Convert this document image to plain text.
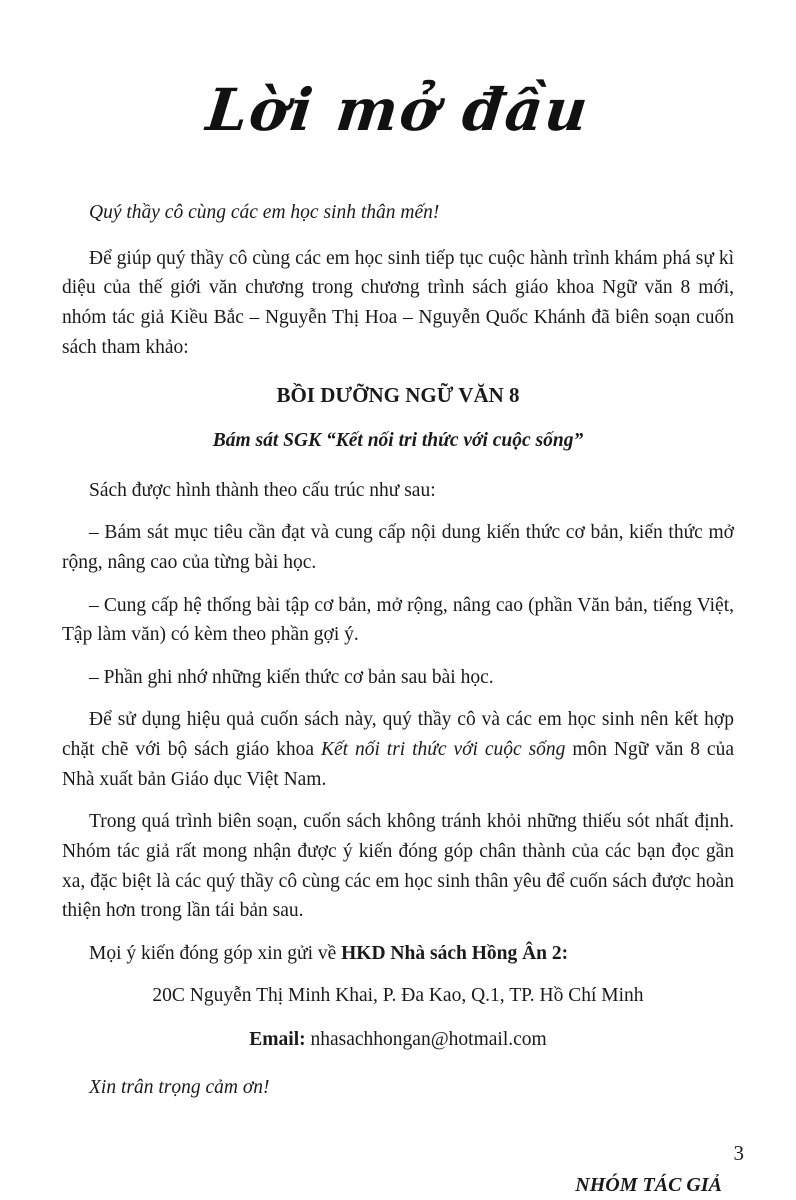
Lời mở đầu

Quý thầy cô cùng các em học sinh thân mến!

Để giúp quý thầy cô cùng các em học sinh tiếp tục cuộc hành trình khám phá sự kì diệu của thế giới văn chương trong chương trình sách giáo khoa Ngữ văn 8 mới, nhóm tác giả Kiều Bắc – Nguyễn Thị Hoa – Nguyễn Quốc Khánh đã biên soạn cuốn sách tham khảo:

BỒI DƯỠNG NGỮ VĂN 8

Bám sát SGK “Kết nối tri thức với cuộc sống”

Sách được hình thành theo cấu trúc như sau:

– Bám sát mục tiêu cần đạt và cung cấp nội dung kiến thức cơ bản, kiến thức mở rộng, nâng cao của từng bài học.

– Cung cấp hệ thống bài tập cơ bản, mở rộng, nâng cao (phần Văn bản, tiếng Việt, Tập làm văn) có kèm theo phần gợi ý.

– Phần ghi nhớ những kiến thức cơ bản sau bài học.

Để sử dụng hiệu quả cuốn sách này, quý thầy cô và các em học sinh nên kết hợp chặt chẽ với bộ sách giáo khoa Kết nối tri thức với cuộc sống môn Ngữ văn 8 của Nhà xuất bản Giáo dục Việt Nam.

Trong quá trình biên soạn, cuốn sách không tránh khỏi những thiếu sót nhất định. Nhóm tác giả rất mong nhận được ý kiến đóng góp chân thành của các bạn đọc gần xa, đặc biệt là các quý thầy cô cùng các em học sinh thân yêu để cuốn sách được hoàn thiện hơn trong lần tái bản sau.

Mọi ý kiến đóng góp xin gửi về HKD Nhà sách Hồng Ân 2:

20C Nguyễn Thị Minh Khai, P. Đa Kao, Q.1, TP. Hồ Chí Minh

Email: nhasachhongan@hotmail.com

Xin trân trọng cảm ơn!

NHÓM TÁC GIẢ
3
